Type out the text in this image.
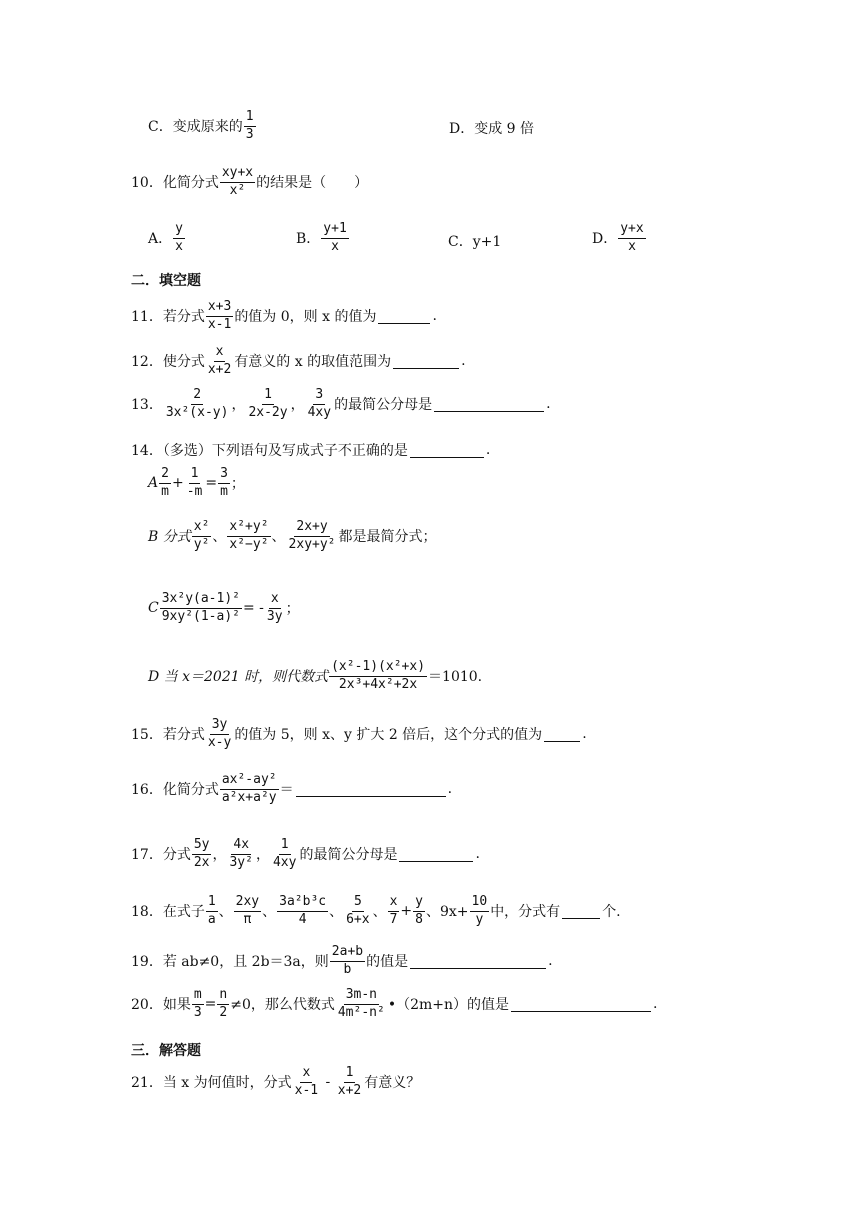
C．变成原来的 $\frac{1}{3}$	D．变成 9 倍
10．化简分式 $\frac{xy+x}{\text{x²}}$ 的结果是（　　）
A． $\frac{y}{x}$	B． $\frac{y+1}{x}$	C．y+1	D． $\frac{y+x}{x}$
二．填空题
11．若分式 $\frac{x+3}{x-1}$ 的值为 0，则 x 的值为	.
12．使分式 $\frac{x}{x+2}$ 有意义的 x 的取值范围为	.
13． $\frac{2}{\text{3x²(x-y)}}$ ， $\frac{1}{2x-2y}$ ， $\frac{3}{4xy}$ 的最简公分母是	.
14．（多选）下列语句及写成式子不正确的是	.
A $\frac{2}{m} + \frac{1}{-m} = \frac{3}{m}$ ；
B 分式 $\frac{\text{x²}}{\text{y²}}$ 、 $\frac{\text{x²+y²}}{\text{x²−y²}}$ 、 $\frac{2x+y}{\text{2xy+y²}}$ 都是最简分式；
C $\frac{\text{3x²y(a-1)²}}{\text{9xy²(1-a)²}}$ = - $\frac{x}{3y}$ ；
D 当 x＝2021 时，则代数式 $\frac{\text{(x²-1)(x²+x)}}{\text{2x³+4x²+2x}} =1010$.
15．若分式 $\frac{3y}{x-y}$ 的值为 5，则 x、y 扩大 2 倍后，这个分式的值为	.
16．化简分式 $\frac{\text{ax²-ay²}}{\text{a²x+a²y}}$ ＝	.
17．分式 $\frac{5y}{2x}$ ， $\frac{4x}{\text{3y²}}$ ， $\frac{1}{4xy}$ 的最简公分母是	.
18．在式子 $\frac{1}{a}$ 、 $\frac{2xy}{\pi}$ 、 $\frac{\text{3a²b³c}}{4}$ 、 $\frac{5}{6+x}$ 、 $\frac{x}{7} + \frac{y}{8}$ 、$9x+ \frac{10}{y}$ 中，分式有	个.
19．若 ab≠0，且 2b＝3a，则 $\frac{2a+b}{b}$ 的值是	.
20．如果 $\frac{m}{3} = \frac{n}{2} \ne 0$，那么代数式 $\frac{3m-n}{\text{4m²-n²}}$ •（2m+n）的值是	.
三．解答题
21．当 x 为何值时，分式 $\frac{x}{x-1} - \frac{1}{x+2}$ 有意义？
